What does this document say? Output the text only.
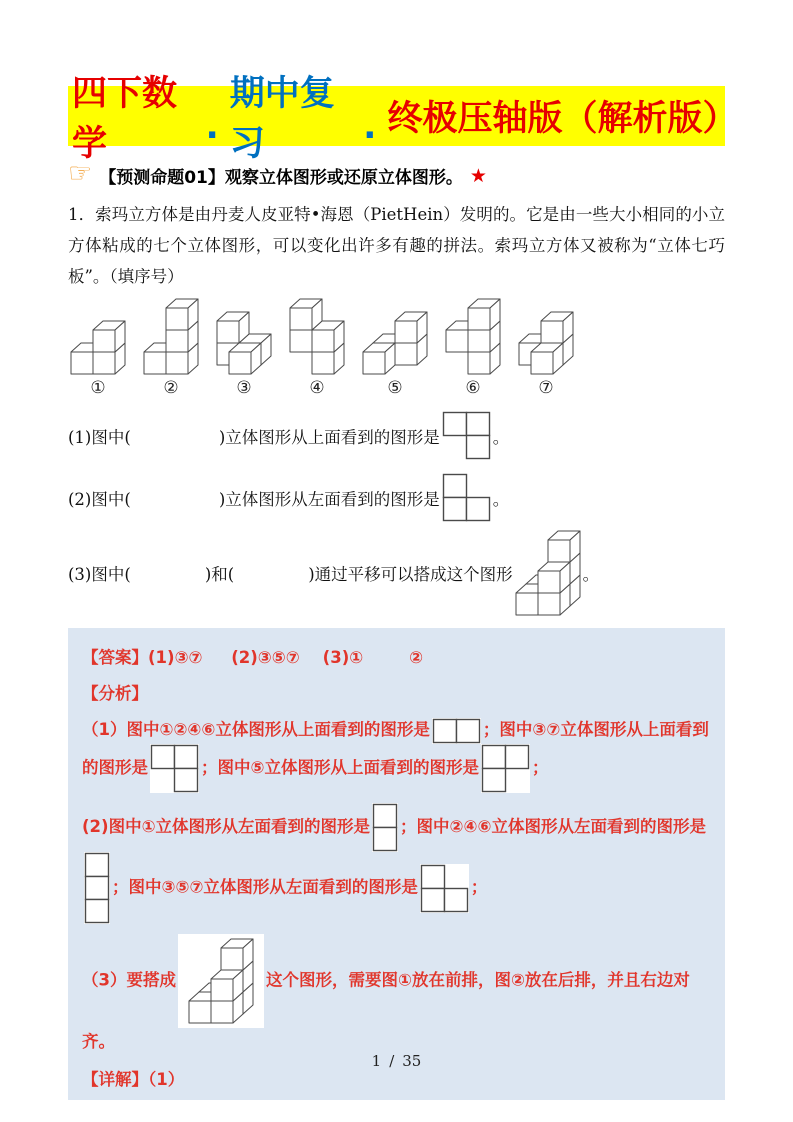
四下数学
·
期中复习
· 终极压轴版（解析版）
☞ 【预测命题01】观察立体图形或还原立体图形。 ★

1．索玛立方体是由丹麦人皮亚特•海恩（PietHein）发明的。它是由一些大小相同的小立方体粘成的七个立体图形，可以变化出许多有趣的拼法。索玛立方体又被称为“立体七巧板”。（填序号）

①	②	③	④	⑤	⑥	⑦
(1)图中(	)立体图形从上面看到的图形是	。
(2)图中(	)立体图形从左面看到的图形是	。
(3)图中(	)和(	)通过平移可以搭成这个图形	。
【答案】(1)③⑦     (2)③⑤⑦    (3)①        ②
【分析】
（1）图中①②④⑥立体图形从上面看到的图形是	；图中③⑦立体图形从上面看到的图形是	；图中⑤立体图形从上面看到的图形是	；
(2)图中①立体图形从左面看到的图形是 ；图中②④⑥立体图形从左面看到的图形是
；图中③⑤⑦立体图形从左面看到的图形是	；
（3）要搭成	这个图形，需要图①放在前排，图②放在后排，并且右边对齐。
【详解】（1）
1 / 35
